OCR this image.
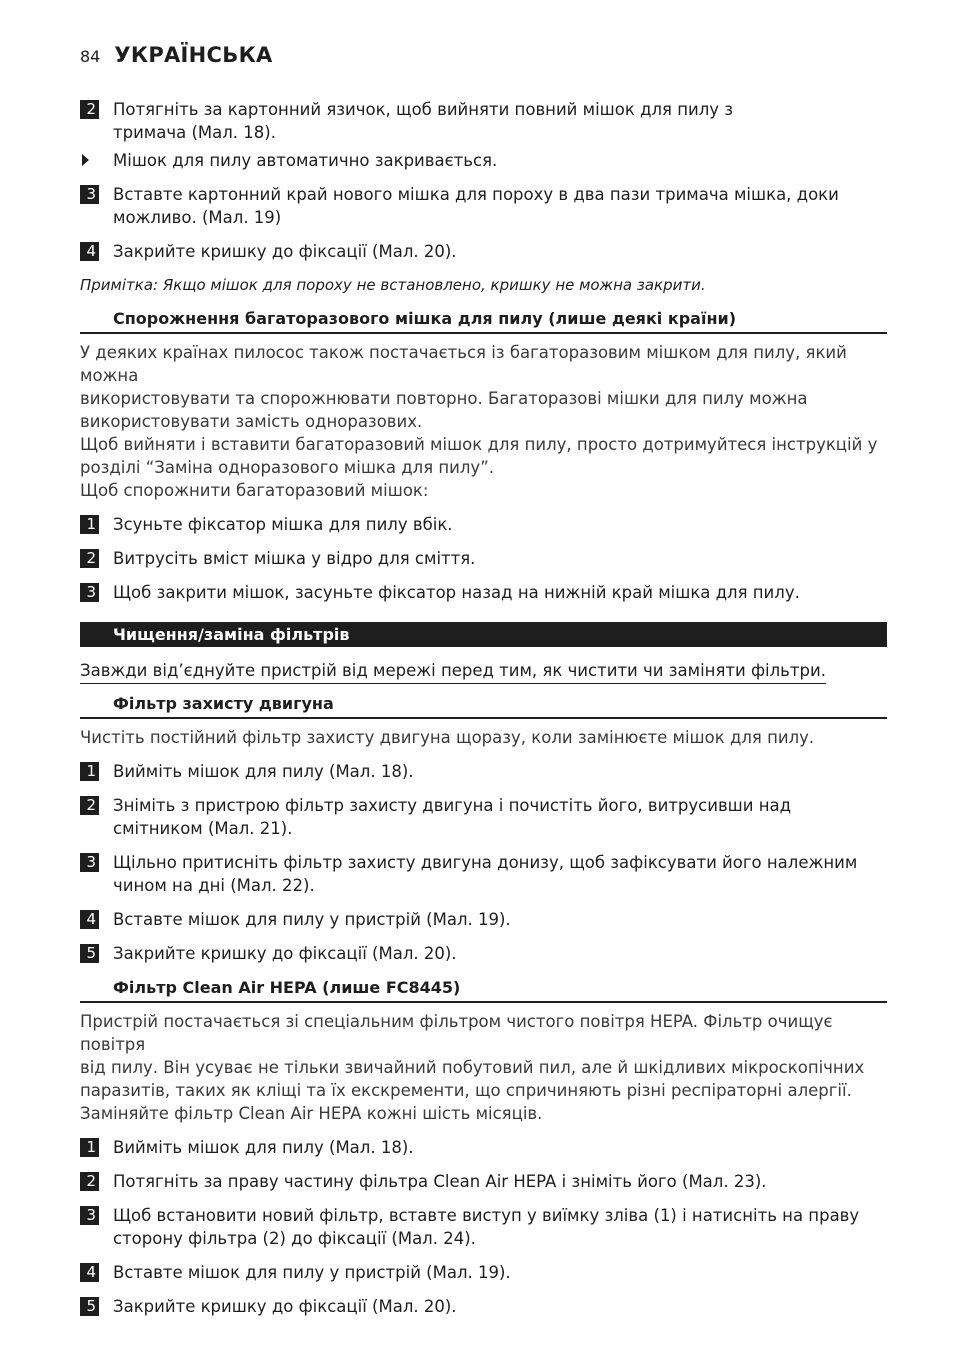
84 УКРАЇНСЬКА
2 Потягніть за картонний язичок, щоб вийняти повний мішок для пилу з
тримача (Мал. 18).
Мішок для пилу автоматично закривається.
3 Вставте картонний край нового мішка для пороху в два пази тримача мішка, доки
можливо. (Мал. 19)
4 Закрийте кришку до фіксації (Мал. 20).
Примітка: Якщо мішок для пороху не встановлено, кришку не можна закрити.
Спорожнення багаторазового мішка для пилу (лише деякі країни)
У деяких країнах пилосос також постачається із багаторазовим мішком для пилу, який можна
використовувати та спорожнювати повторно. Багаторазові мішки для пилу можна
використовувати замість одноразових.
Щоб вийняти і вставити багаторазовий мішок для пилу, просто дотримуйтеся інструкцій у
розділі “Заміна одноразового мішка для пилу”.
Щоб спорожнити багаторазовий мішок:
1 Зсуньте фіксатор мішка для пилу вбік.
2 Витрусіть вміст мішка у відро для сміття.
3 Щоб закрити мішок, засуньте фіксатор назад на нижній край мішка для пилу.
Чищення/заміна фільтрів
Завжди від’єднуйте пристрій від мережі перед тим, як чистити чи заміняти фільтри.
Фільтр захисту двигуна
Чистіть постійний фільтр захисту двигуна щоразу, коли замінюєте мішок для пилу.
1 Вийміть мішок для пилу (Мал. 18).
2 Зніміть з пристрою фільтр захисту двигуна і почистіть його, витрусивши над
смітником (Мал. 21).
3 Щільно притисніть фільтр захисту двигуна донизу, щоб зафіксувати його належним
чином на дні (Мал. 22).
4 Вставте мішок для пилу у пристрій (Мал. 19).
5 Закрийте кришку до фіксації (Мал. 20).
Фільтр Clean Air HEPA (лише FC8445)
Пристрій постачається зі спеціальним фільтром чистого повітря HEPA. Фільтр очищує повітря
від пилу. Він усуває не тільки звичайний побутовий пил, але й шкідливих мікроскопічних
паразитів, таких як кліщі та їх екскременти, що спричиняють різні респіраторні алергії.
Заміняйте фільтр Clean Air HEPA кожні шість місяців.
1 Вийміть мішок для пилу (Мал. 18).
2 Потягніть за праву частину фільтра Clean Air HEPA і зніміть його (Мал. 23).
3 Щоб встановити новий фільтр, вставте виступ у виїмку зліва (1) і натисніть на праву
сторону фільтра (2) до фіксації (Мал. 24).
4 Вставте мішок для пилу у пристрій (Мал. 19).
5 Закрийте кришку до фіксації (Мал. 20).
